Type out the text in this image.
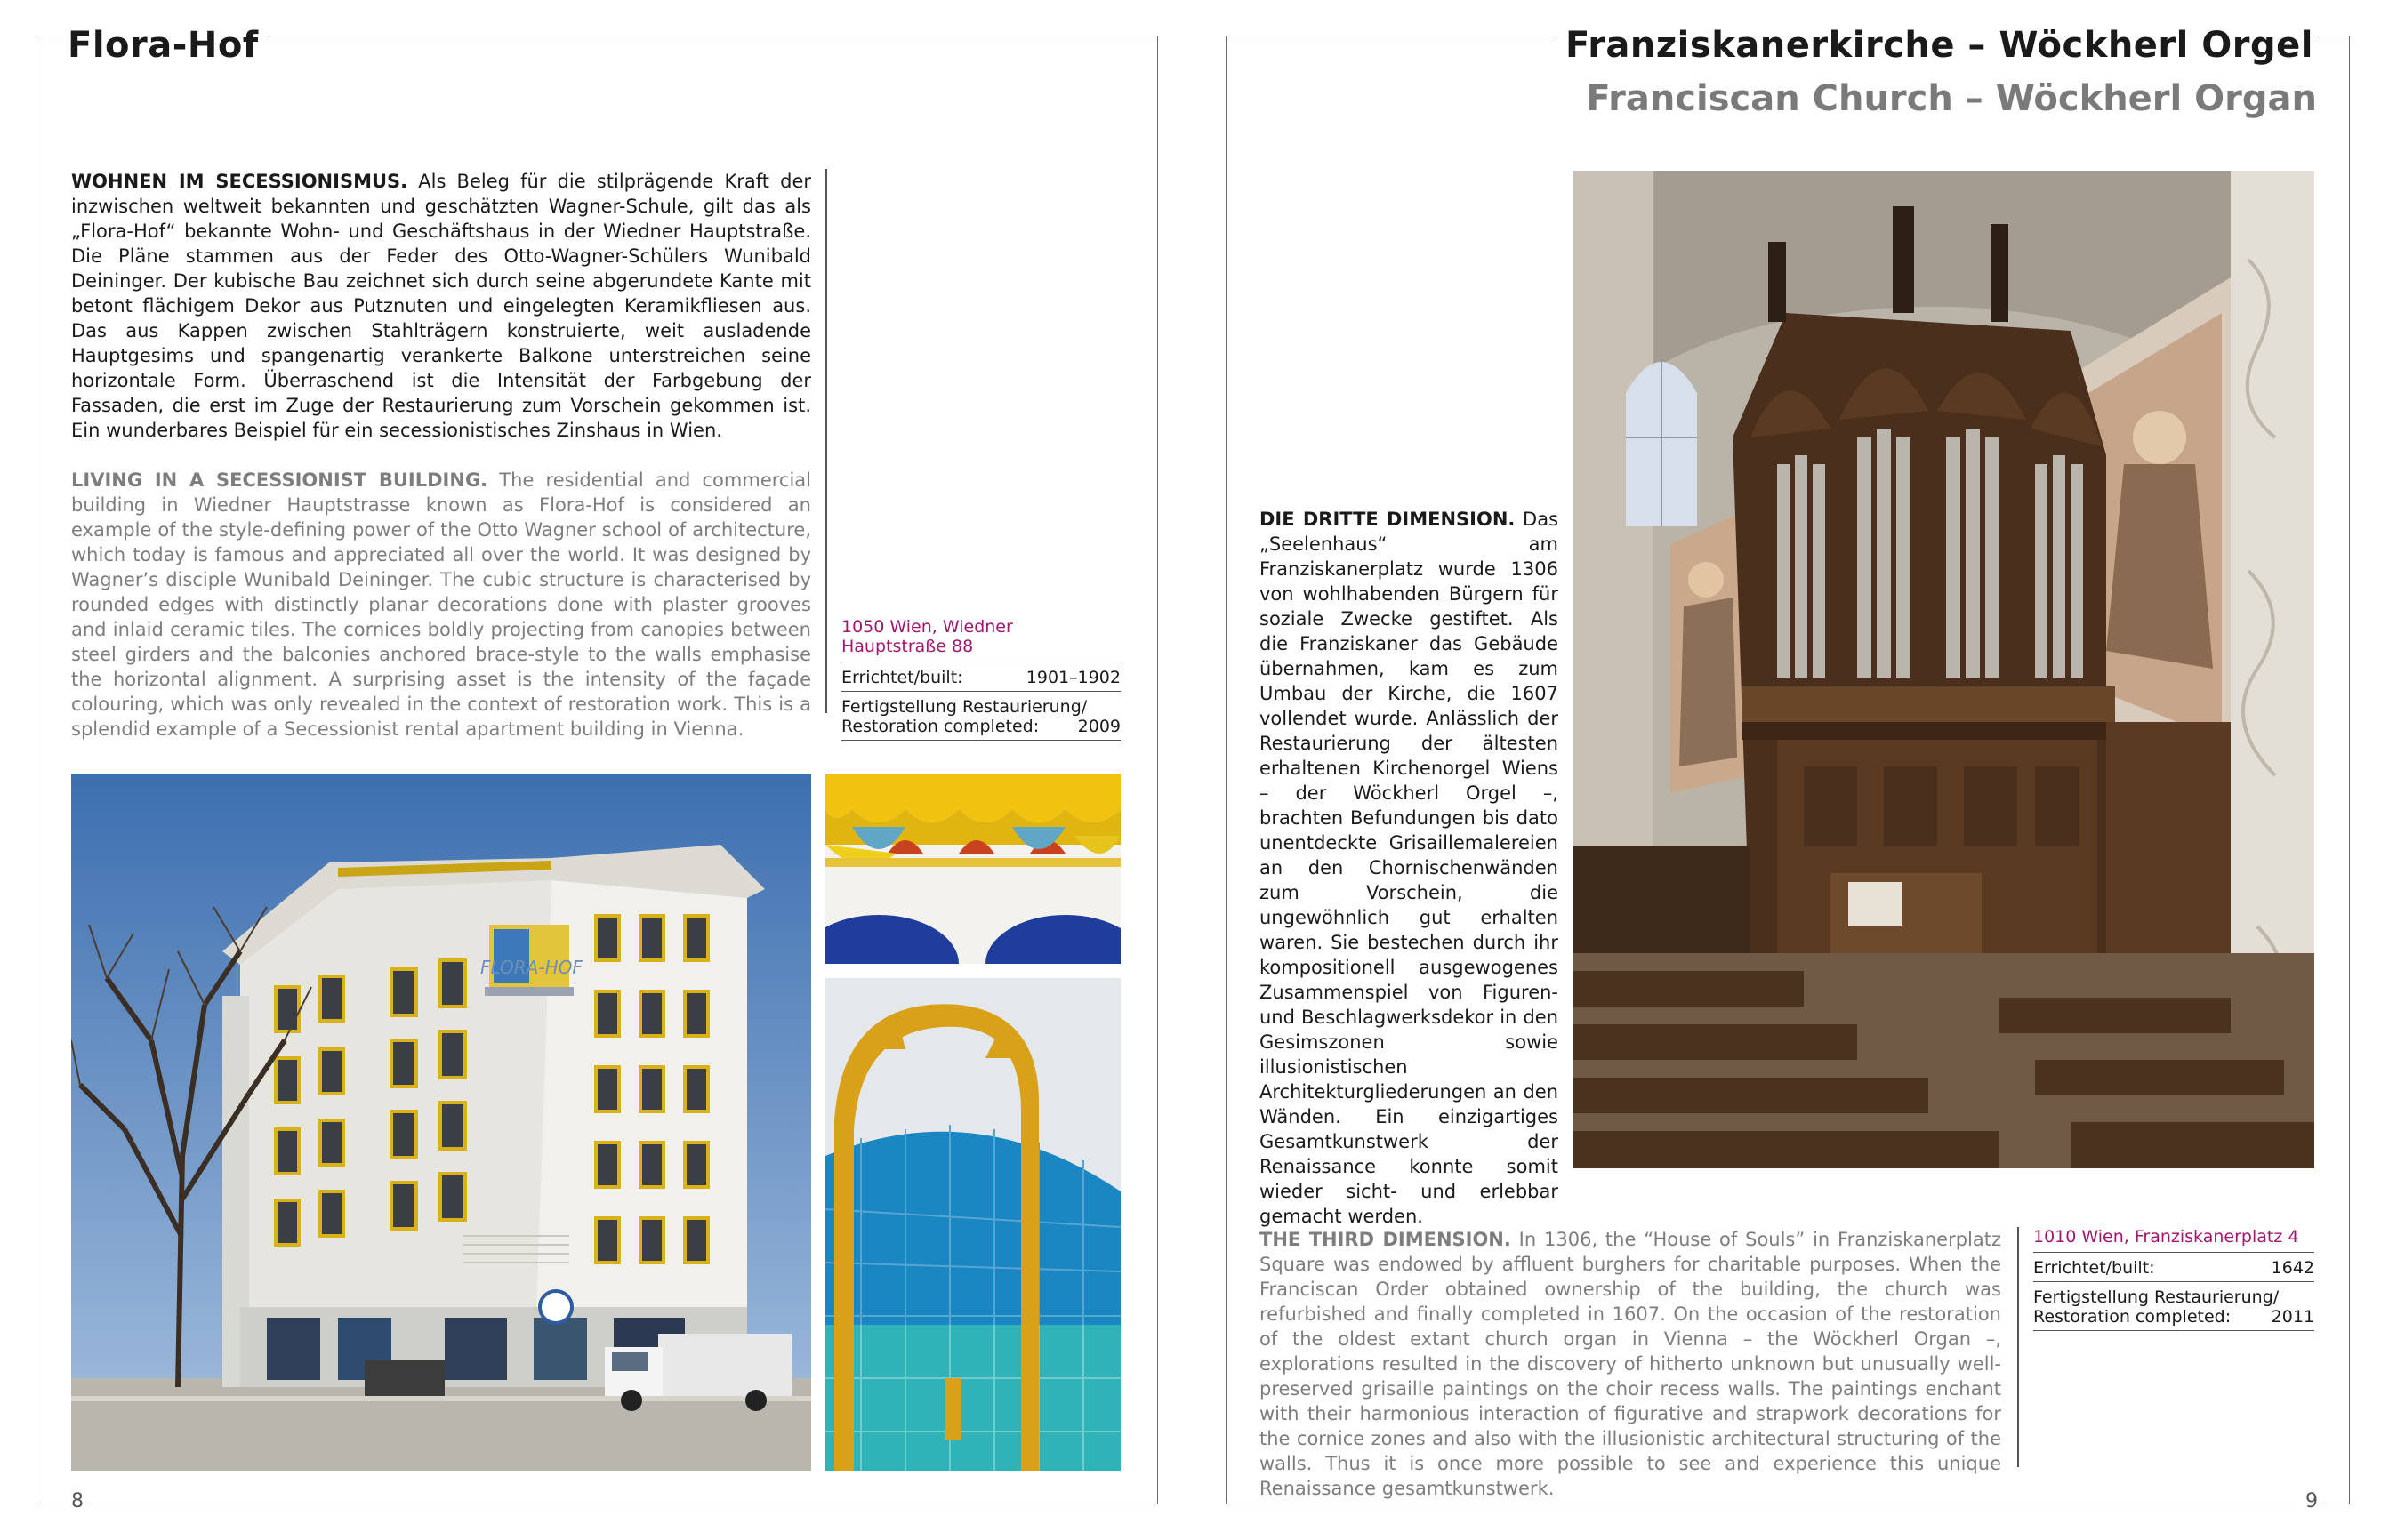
Flora-Hof
WOHNEN IM SECESSIONISMUS. Als Beleg für die stilprägende Kraft der inzwischen weltweit bekannten und geschätzten Wagner-Schule, gilt das als „Flora-Hof“ bekannte Wohn- und Geschäftshaus in der Wiedner Hauptstraße. Die Pläne stammen aus der Feder des Otto-Wagner-Schülers Wunibald Deininger. Der kubische Bau zeichnet sich durch seine abgerundete Kante mit betont flächigem Dekor aus Putznuten und eingelegten Keramikfliesen aus. Das aus Kappen zwischen Stahlträgern konstruierte, weit ausladende Hauptgesims und spangenartig verankerte Balkone unterstreichen seine horizontale Form. Überraschend ist die Intensität der Farbgebung der Fassaden, die erst im Zuge der Restaurierung zum Vorschein gekommen ist. Ein wunderbares Beispiel für ein secessionistisches Zinshaus in Wien.
LIVING IN A SECESSIONIST BUILDING. The residential and commercial building in Wiedner Hauptstrasse known as Flora-Hof is considered an example of the style-defining power of the Otto Wagner school of architecture, which today is famous and appreciated all over the world. It was designed by Wagner’s disciple Wunibald Deininger. The cubic structure is characterised by rounded edges with distinctly planar decorations done with plaster grooves and inlaid ceramic tiles. The cornices boldly projecting from canopies between steel girders and the balconies anchored brace-style to the walls emphasise the horizontal alignment. A surprising asset is the intensity of the façade colouring, which was only revealed in the context of restoration work. This is a splendid example of a Secessionist rental apartment building in Vienna.
1050 Wien, Wiedner Hauptstraße 88
Errichtet/built:	1901–1902
Fertigstellung Restaurierung/
Restoration completed: 2009
FLORA-HOF
8
Franziskanerkirche – Wöckherl Orgel
Franciscan Church – Wöckherl Organ
DIE DRITTE DIMENSION. Das „Seelenhaus“ am Franziskanerplatz wurde 1306 von wohlhabenden Bürgern für soziale Zwecke gestiftet. Als die Franziskaner das Gebäude übernahmen, kam es zum Umbau der Kirche, die 1607 vollendet wurde. Anlässlich der Restaurierung der ältesten erhaltenen Kirchenorgel Wiens – der Wöckherl Orgel –, brachten Befundungen bis dato unentdeckte Grisaillemalereien an den Chornischenwänden zum Vorschein, die ungewöhnlich gut erhalten waren. Sie bestechen durch ihr kompositionell ausgewogenes Zusammenspiel von Figuren- und Beschlagwerksdekor in den Gesimszonen sowie illusionistischen Architekturgliederungen an den Wänden. Ein einzigartiges Gesamtkunstwerk der Renaissance konnte somit wieder sicht- und erlebbar gemacht werden.
THE THIRD DIMENSION. In 1306, the “House of Souls” in Franziskanerplatz Square was endowed by affluent burghers for charitable purposes. When the Franciscan Order obtained ownership of the building, the church was refurbished and finally completed in 1607. On the occasion of the restoration of the oldest extant church organ in Vienna – the Wöckherl Organ –, explorations resulted in the discovery of hitherto unknown but unusually well-preserved grisaille paintings on the choir recess walls. The paintings enchant with their harmonious interaction of figurative and strapwork decorations for the cornice zones and also with the illusionistic architectural structuring of the walls. Thus it is once more possible to see and experience this unique Renaissance gesamtkunstwerk.
1010 Wien, Franziskanerplatz 4
Errichtet/built:	1642
Fertigstellung Restaurierung/
Restoration completed: 2011
9
